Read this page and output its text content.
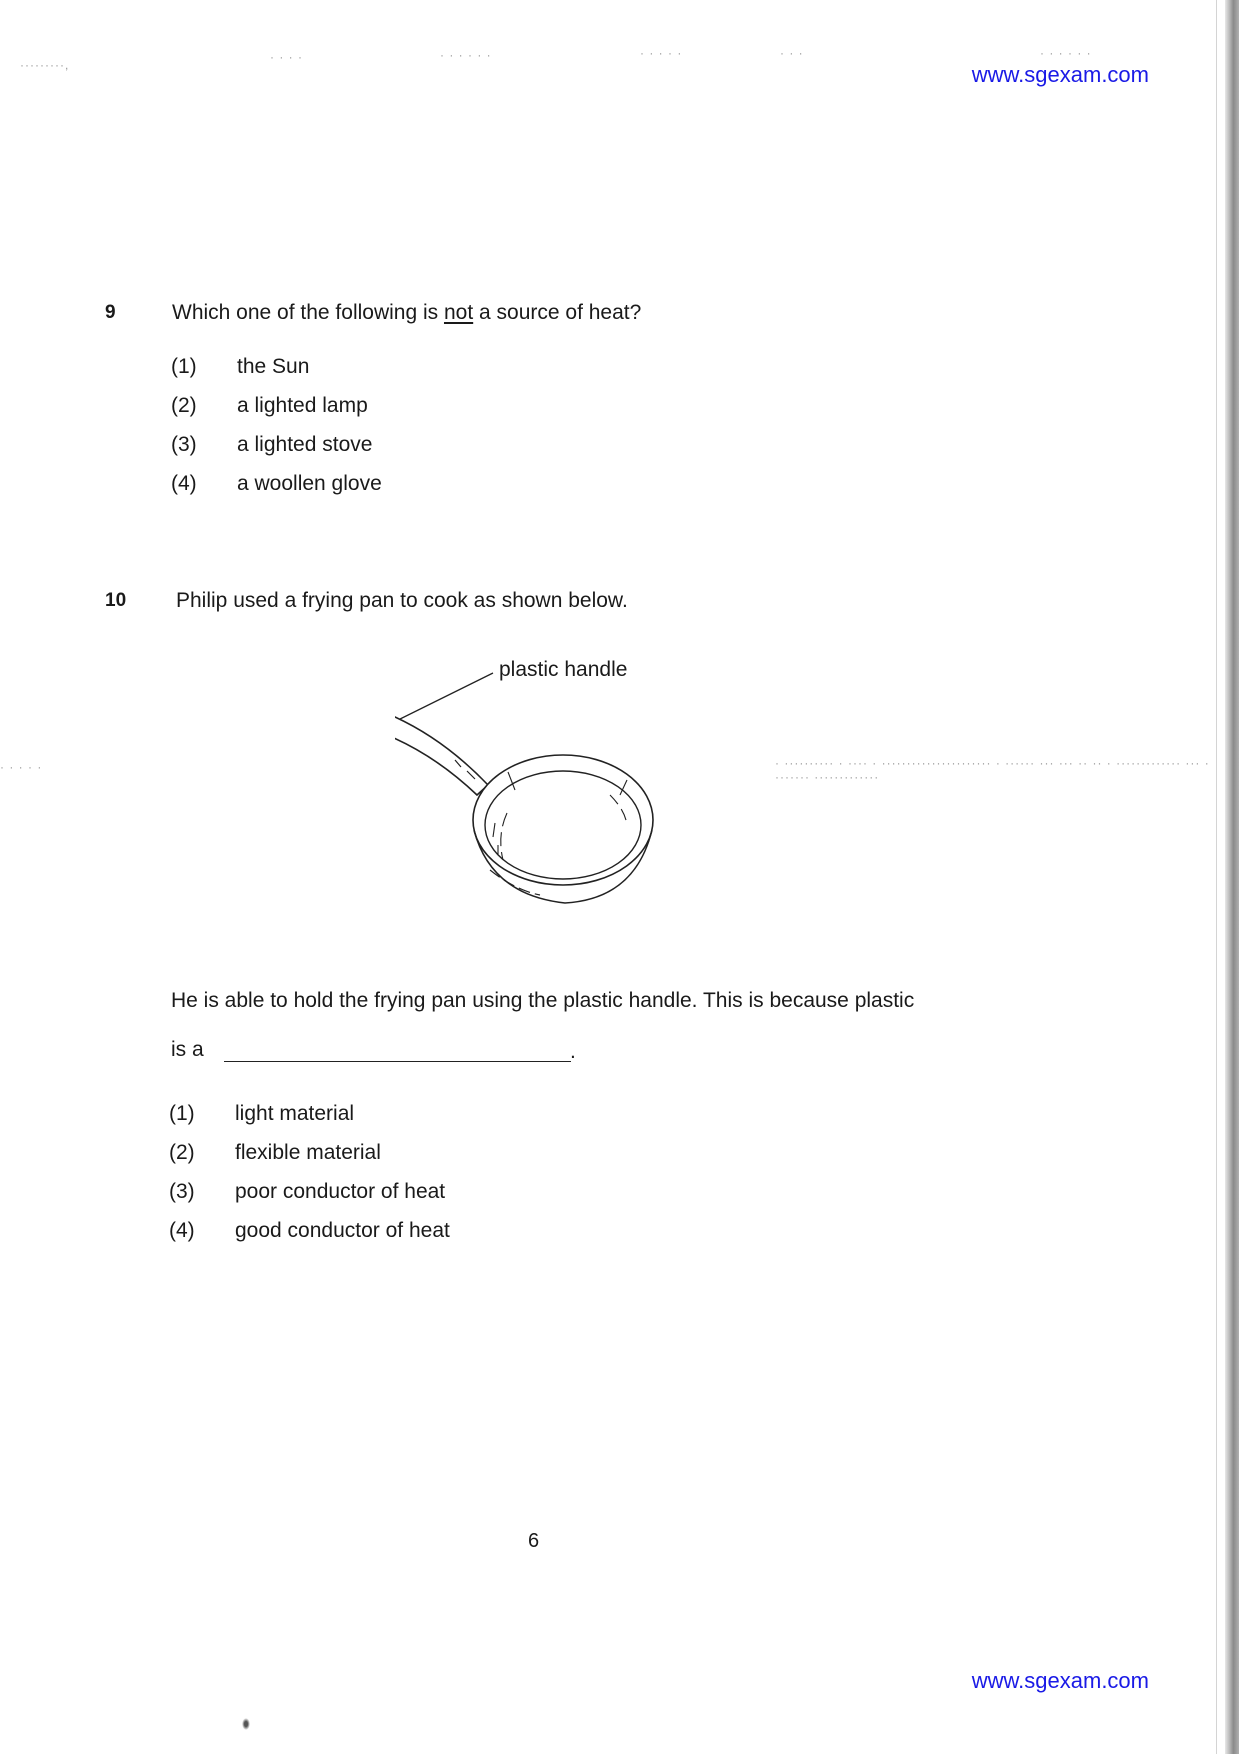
·········,
· · · ·	· · · · · ·	· · · · ·	· · ·	· · · · · ·
· · · · ·	· ·········· · ···· · ······················ · ······ ··· ··· ·· ·· · ············· ··· · ······· ·············
www.sgexam.com
9	Which one of the following is not a source of heat?
(1) the Sun
(2) a lighted lamp
(3) a lighted stove
(4) a woollen glove
10 Philip used a frying pan to cook as shown below.
plastic handle
He is able to hold the frying pan using the plastic handle. This is because plastic
is a	.
(1) light material
(2) flexible material
(3) poor conductor of heat
(4) good conductor of heat
6
www.sgexam.com
